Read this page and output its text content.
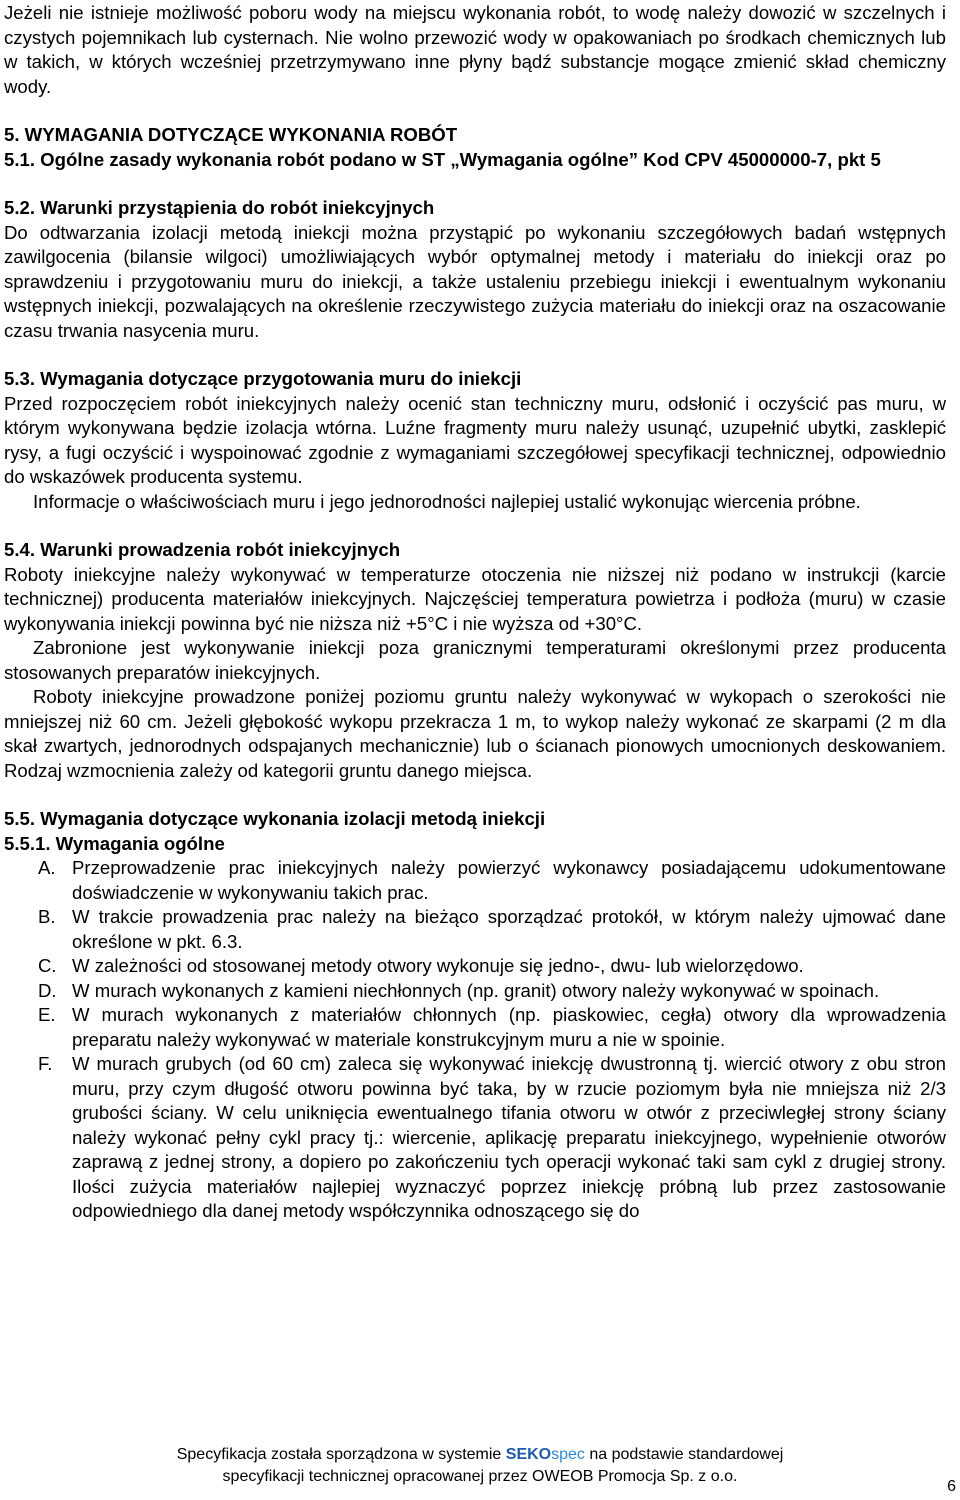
Jeżeli nie istnieje możliwość poboru wody na miejscu wykonania robót, to wodę należy dowozić w szczelnych i czystych pojemnikach lub cysternach. Nie wolno przewozić wody w opakowaniach po środkach chemicznych lub w takich, w których wcześniej przetrzymywano inne płyny bądź substancje mogące zmienić skład chemiczny wody.

5. WYMAGANIA DOTYCZĄCE WYKONANIA ROBÓT

5.1. Ogólne zasady wykonania robót podano w ST „Wymagania ogólne” Kod CPV 45000000-7, pkt 5

5.2. Warunki przystąpienia do robót iniekcyjnych

Do odtwarzania izolacji metodą iniekcji można przystąpić po wykonaniu szczegółowych badań wstępnych zawilgocenia (bilansie wilgoci) umożliwiających wybór optymalnej metody i materiału do iniekcji oraz po sprawdzeniu i przygotowaniu muru do iniekcji, a także ustaleniu przebiegu iniekcji i ewentualnym wykonaniu wstępnych iniekcji, pozwalających na określenie rzeczywistego zużycia materiału do iniekcji oraz na oszacowanie czasu trwania nasycenia muru.

5.3. Wymagania dotyczące przygotowania muru do iniekcji

Przed rozpoczęciem robót iniekcyjnych należy ocenić stan techniczny muru, odsłonić i oczyścić pas muru, w którym wykonywana będzie izolacja wtórna. Luźne fragmenty muru należy usunąć, uzupełnić ubytki, zasklepić rysy, a fugi oczyścić i wyspoinować zgodnie z wymaganiami szczegółowej specyfikacji technicznej, odpowiednio do wskazówek producenta systemu.

Informacje o właściwościach muru i jego jednorodności najlepiej ustalić wykonując wiercenia próbne.

5.4. Warunki prowadzenia robót iniekcyjnych

Roboty iniekcyjne należy wykonywać w temperaturze otoczenia nie niższej niż podano w instrukcji (karcie technicznej) producenta materiałów iniekcyjnych. Najczęściej temperatura powietrza i podłoża (muru) w czasie wykonywania iniekcji powinna być nie niższa niż +5°C i nie wyższa od +30°C.

Zabronione jest wykonywanie iniekcji poza granicznymi temperaturami określonymi przez producenta stosowanych preparatów iniekcyjnych.

Roboty iniekcyjne prowadzone poniżej poziomu gruntu należy wykonywać w wykopach o szerokości nie mniejszej niż 60 cm. Jeżeli głębokość wykopu przekracza 1 m, to wykop należy wykonać ze skarpami (2 m dla skał zwartych, jednorodnych odspajanych mechanicznie) lub o ścianach pionowych umocnionych deskowaniem. Rodzaj wzmocnienia zależy od kategorii gruntu danego miejsca.

5.5. Wymagania dotyczące wykonania izolacji metodą iniekcji

5.5.1. Wymagania ogólne

A. Przeprowadzenie prac iniekcyjnych należy powierzyć wykonawcy posiadającemu udokumentowane doświadczenie w wykonywaniu takich prac.
B. W trakcie prowadzenia prac należy na bieżąco sporządzać protokół, w którym należy ujmować dane określone w pkt. 6.3.
C. W zależności od stosowanej metody otwory wykonuje się jedno-, dwu- lub wielorzędowo.
D. W murach wykonanych z kamieni niechłonnych (np. granit) otwory należy wykonywać w spoinach.
E. W murach wykonanych z materiałów chłonnych (np. piaskowiec, cegła) otwory dla wprowadzenia preparatu należy wykonywać w materiale konstrukcyjnym muru a nie w spoinie.
F.	W murach grubych (od 60 cm) zaleca się wykonywać iniekcję dwustronną tj. wiercić otwory z obu stron muru, przy czym długość otworu powinna być taka, by w rzucie poziomym była nie mniejsza niż 2/3 grubości ściany. W celu uniknięcia ewentualnego tifania otworu w otwór z przeciwległej strony ściany należy wykonać pełny cykl pracy tj.: wiercenie, aplikację preparatu iniekcyjnego, wypełnienie otworów zaprawą z jednej strony, a dopiero po zakończeniu tych operacji wykonać taki sam cykl z drugiej strony. Ilości zużycia materiałów najlepiej wyznaczyć poprzez iniekcję próbną lub przez zastosowanie odpowiedniego dla danej metody współczynnika odnoszącego się do
Specyfikacja została sporządzona w systemie SEKOspec na podstawie standardowej
specyfikacji technicznej opracowanej przez OWEOB Promocja Sp. z o.o.
6
